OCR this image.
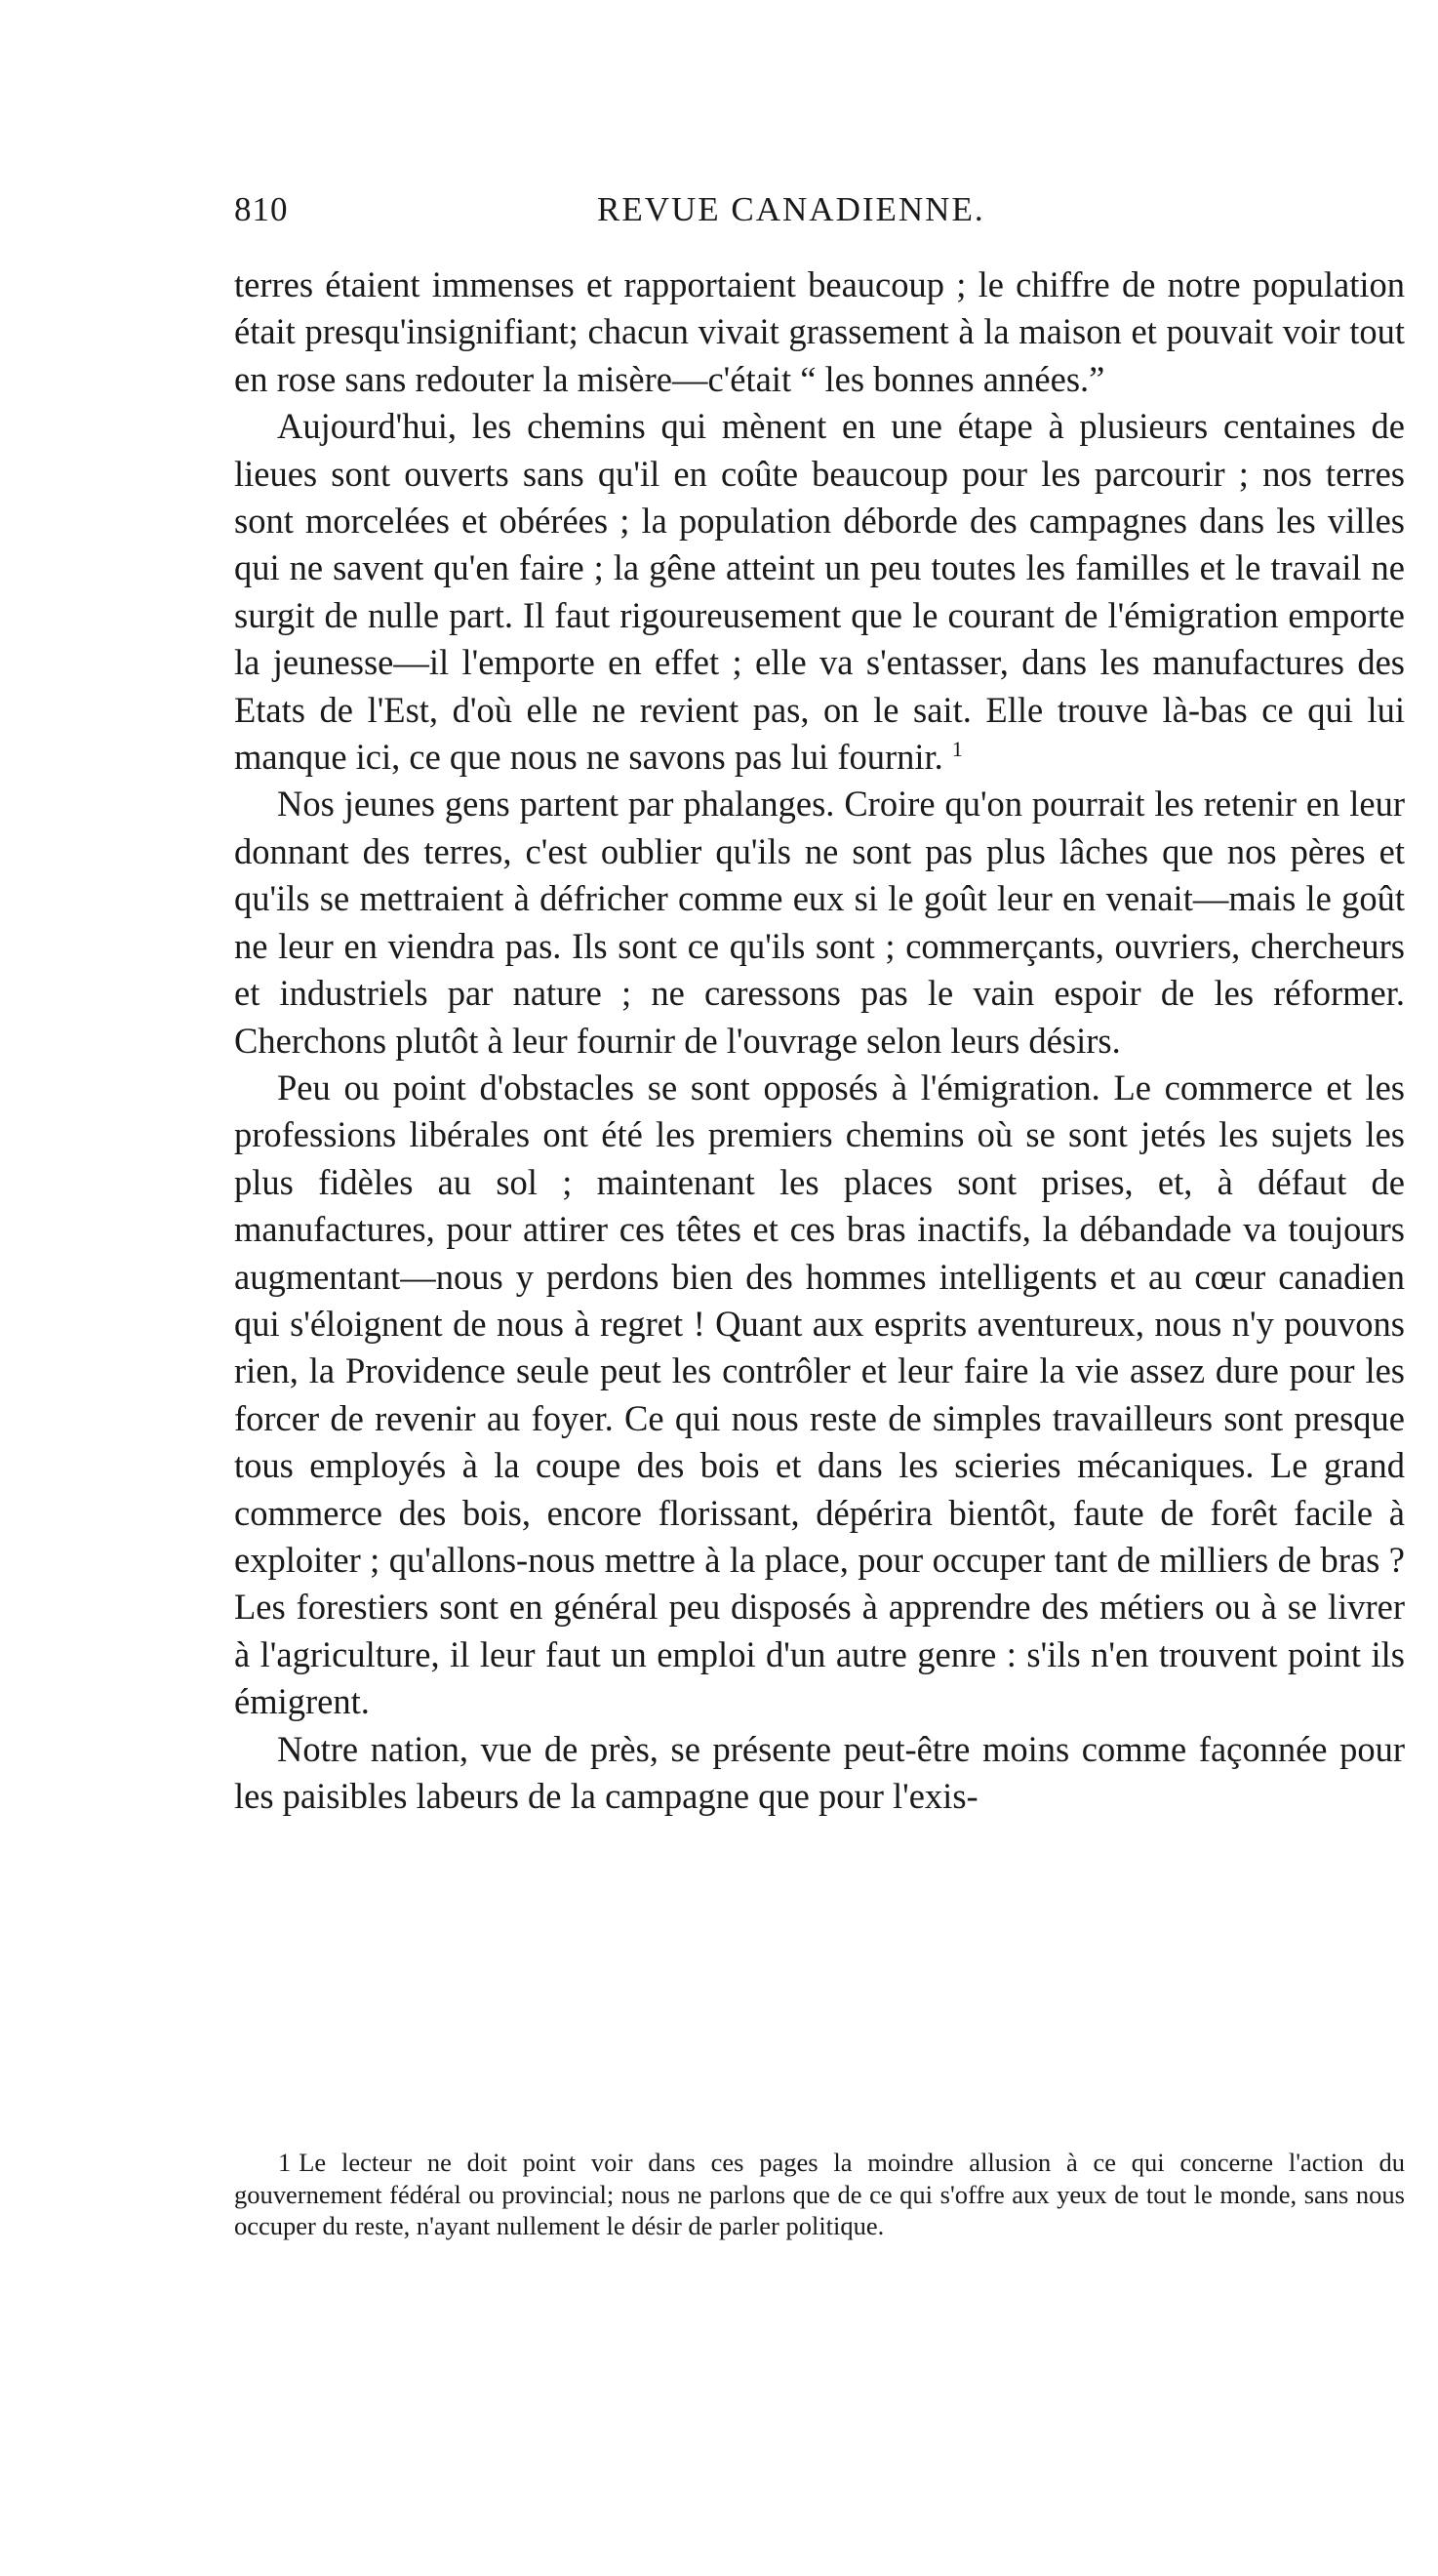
810	REVUE CANADIENNE.

terres étaient immenses et rapportaient beaucoup ; le chiffre de notre population était presqu'insignifiant; chacun vivait grassement à la maison et pouvait voir tout en rose sans redouter la misère—c'était “ les bonnes années.”

Aujourd'hui, les chemins qui mènent en une étape à plusieurs centaines de lieues sont ouverts sans qu'il en coûte beaucoup pour les parcourir ; nos terres sont morcelées et obérées ; la population déborde des campagnes dans les villes qui ne savent qu'en faire ; la gêne atteint un peu toutes les familles et le travail ne surgit de nulle part. Il faut rigoureusement que le courant de l'émigration emporte la jeunesse—il l'emporte en effet ; elle va s'entasser, dans les manufactures des Etats de l'Est, d'où elle ne revient pas, on le sait. Elle trouve là-bas ce qui lui manque ici, ce que nous ne savons pas lui fournir. $^1$

Nos jeunes gens partent par phalanges. Croire qu'on pourrait les retenir en leur donnant des terres, c'est oublier qu'ils ne sont pas plus lâches que nos pères et qu'ils se mettraient à défricher comme eux si le goût leur en venait—mais le goût ne leur en viendra pas. Ils sont ce qu'ils sont ; commerçants, ouvriers, chercheurs et industriels par nature ; ne caressons pas le vain espoir de les réformer. Cherchons plutôt à leur fournir de l'ouvrage selon leurs désirs.

Peu ou point d'obstacles se sont opposés à l'émigration. Le commerce et les professions libérales ont été les premiers chemins où se sont jetés les sujets les plus fidèles au sol ; maintenant les places sont prises, et, à défaut de manufactures, pour attirer ces têtes et ces bras inactifs, la débandade va toujours augmentant—nous y perdons bien des hommes intelligents et au cœur canadien qui s'éloignent de nous à regret ! Quant aux esprits aventureux, nous n'y pouvons rien, la Providence seule peut les contrôler et leur faire la vie assez dure pour les forcer de revenir au foyer. Ce qui nous reste de simples travailleurs sont presque tous employés à la coupe des bois et dans les scieries mécaniques. Le grand commerce des bois, encore florissant, dépérira bientôt, faute de forêt facile à exploiter ; qu'allons-nous mettre à la place, pour occuper tant de milliers de bras ? Les forestiers sont en général peu disposés à apprendre des métiers ou à se livrer à l'agriculture, il leur faut un emploi d'un autre genre : s'ils n'en trouvent point ils émigrent.

Notre nation, vue de près, se présente peut-être moins comme façonnée pour les paisibles labeurs de la campagne que pour l'exis-

1 Le lecteur ne doit point voir dans ces pages la moindre allusion à ce qui concerne l'action du gouvernement fédéral ou provincial; nous ne parlons que de ce qui s'offre aux yeux de tout le monde, sans nous occuper du reste, n'ayant nullement le désir de parler politique.
